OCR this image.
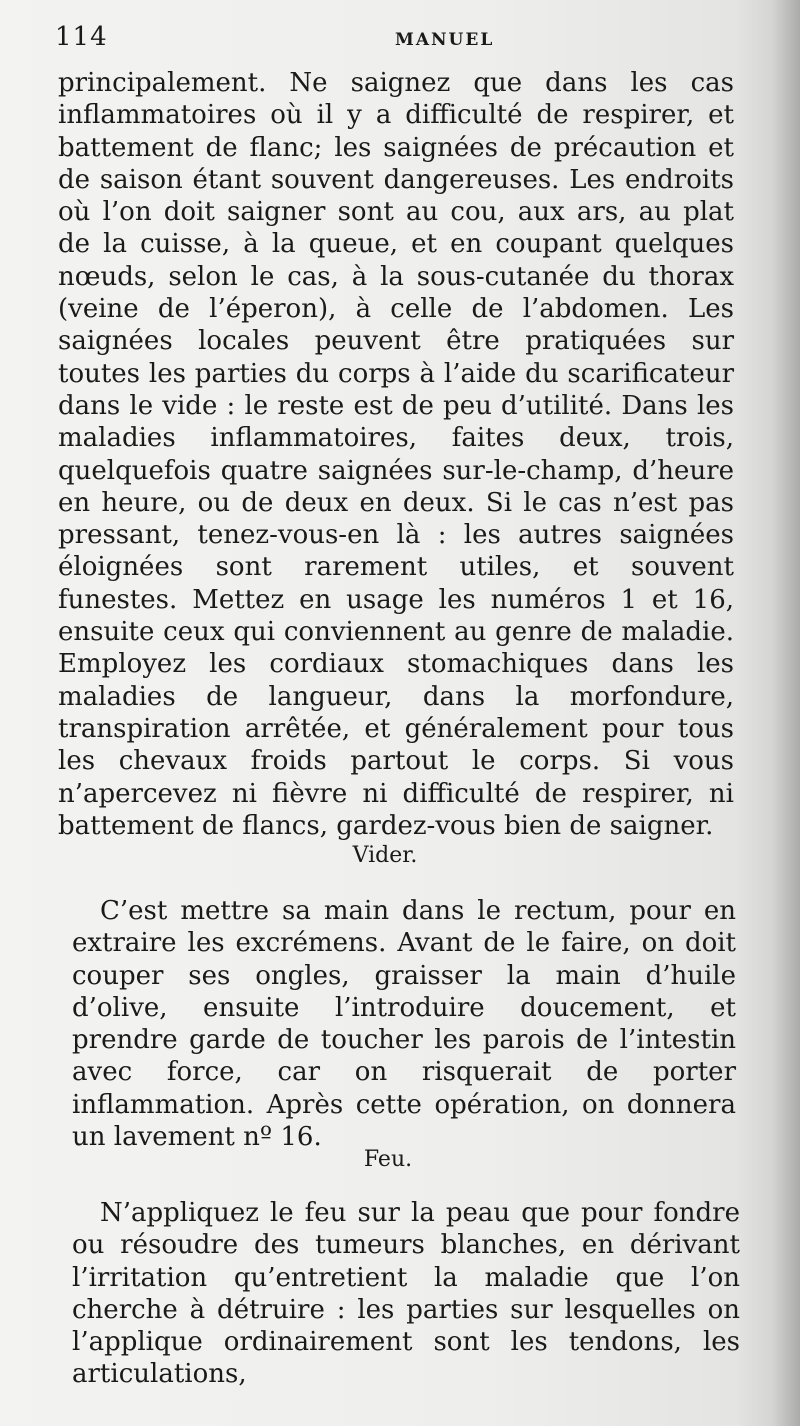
114	MANUEL
principalement. Ne saignez que dans les cas inflammatoires où il y a difficulté de respirer, et battement de flanc; les saignées de précaution et de saison étant souvent dangereuses. Les endroits où l’on doit saigner sont au cou, aux ars, au plat de la cuisse, à la queue, et en coupant quelques nœuds, selon le cas, à la sous-cutanée du thorax (veine de l’éperon), à celle de l’abdomen. Les saignées locales peuvent être pratiquées sur toutes les parties du corps à l’aide du scarificateur dans le vide : le reste est de peu d’utilité. Dans les maladies inflammatoires, faites deux, trois, quelquefois quatre saignées sur-le-champ, d’heure en heure, ou de deux en deux. Si le cas n’est pas pressant, tenez-vous-en là : les autres saignées éloignées sont rarement utiles, et souvent funestes. Mettez en usage les numéros 1 et 16, ensuite ceux qui conviennent au genre de maladie. Employez les cordiaux stomachiques dans les maladies de langueur, dans la morfondure, transpiration arrêtée, et généralement pour tous les chevaux froids partout le corps. Si vous n’apercevez ni fièvre ni difficulté de respirer, ni battement de flancs, gardez-vous bien de saigner.
Vider.
C’est mettre sa main dans le rectum, pour en extraire les excrémens. Avant de le faire, on doit couper ses ongles, graisser la main d’huile d’olive, ensuite l’introduire doucement, et prendre garde de toucher les parois de l’intestin avec force, car on risquerait de porter inflammation. Après cette opération, on donnera un lavement nº 16.
Feu.
N’appliquez le feu sur la peau que pour fondre ou résoudre des tumeurs blanches, en dérivant l’irritation qu’entretient la maladie que l’on cherche à détruire : les parties sur lesquelles on l’applique ordinairement sont les tendons, les articulations,
